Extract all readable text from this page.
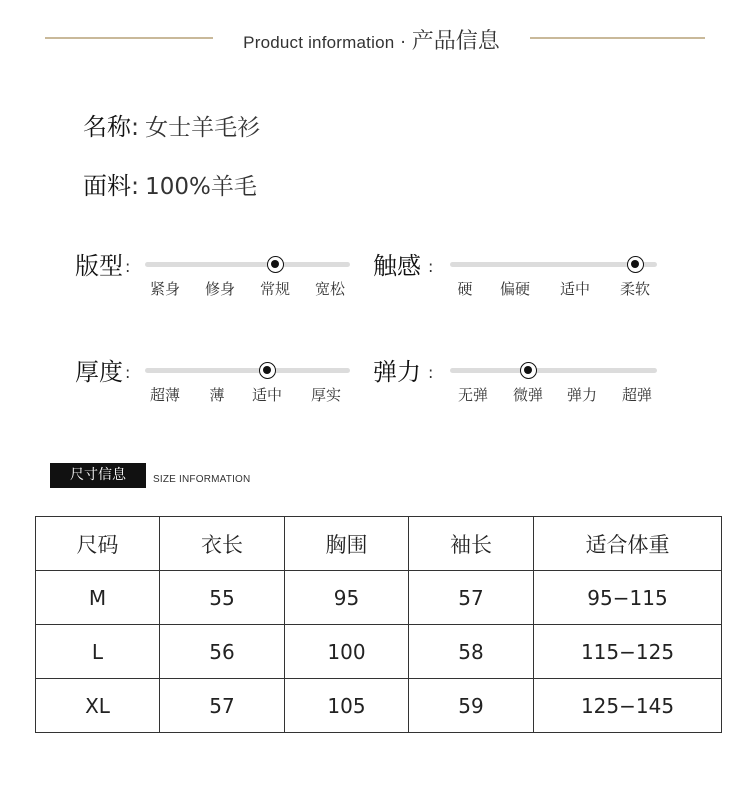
Product information · 产品信息
名称: 女士羊毛衫
面料: 100%羊毛
版型 :
紧身 修身 常规 宽松
触感 :
硬 偏硬 适中 柔软
厚度 :
超薄 薄 适中 厚实
弹力 :
无弹 微弹 弹力 超弹
尺寸信息	SIZE INFORMATION
尺码	衣长	胸围	袖长	适合体重
M	55	95	57	95−115
L	56	100	58	115−125
XL	57	105	59	125−145
